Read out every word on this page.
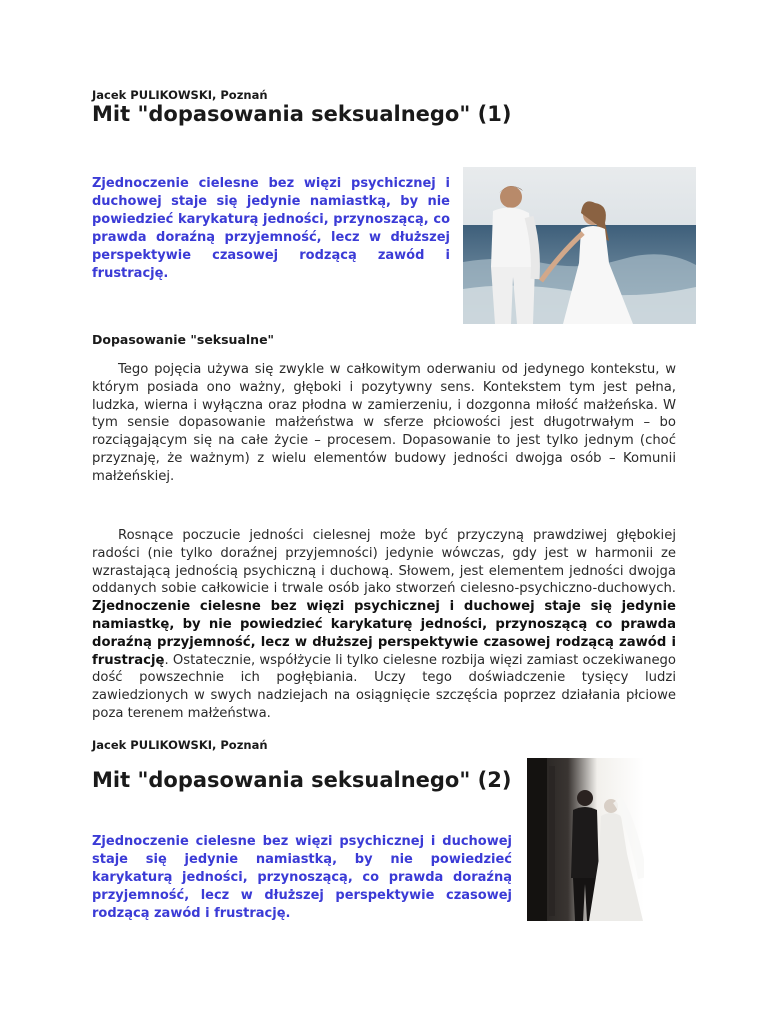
Jacek PULIKOWSKI, Poznań
Mit "dopasowania seksualnego" (1)
Zjednoczenie cielesne bez więzi psychicznej i duchowej staje się jedynie namiastką, by nie powiedzieć karykaturą jedności, przynoszącą, co prawda doraźną przyjemność, lecz w dłuższej perspektywie czasowej rodzącą zawód i frustrację.
Dopasowanie "seksualne"

Tego pojęcia używa się zwykle w całkowitym oderwaniu od jedynego kontekstu, w którym posiada ono ważny, głęboki i pozytywny sens. Kontekstem tym jest pełna, ludzka, wierna i wyłączna oraz płodna w zamierzeniu, i dozgonna miłość małżeńska. W tym sensie dopasowanie małżeństwa w sferze płciowości jest długotrwałym – bo rozciągającym się na całe życie – procesem. Dopasowanie to jest tylko jednym (choć przyznaję, że ważnym) z wielu elementów budowy jedności dwojga osób – Komunii małżeńskiej.

Rosnące poczucie jedności cielesnej może być przyczyną prawdziwej głębokiej radości (nie tylko doraźnej przyjemności) jedynie wówczas, gdy jest w harmonii ze wzrastającą jednością psychiczną i duchową. Słowem, jest elementem jedności dwojga oddanych sobie całkowicie i trwale osób jako stworzeń cielesno-psychiczno-duchowych. Zjednoczenie cielesne bez więzi psychicznej i duchowej staje się jedynie namiastkę, by nie powiedzieć karykaturę jedności, przynoszącą co prawda doraźną przyjemność, lecz w dłuższej perspektywie czasowej rodzącą zawód i frustrację. Ostatecznie, współżycie li tylko cielesne rozbija więzi zamiast oczekiwanego dość powszechnie ich pogłębiania. Uczy tego doświadczenie tysięcy ludzi zawiedzionych w swych nadziejach na osiągnięcie szczęścia poprzez działania płciowe poza terenem małżeństwa.

Jacek PULIKOWSKI, Poznań
Mit "dopasowania seksualnego" (2)
Zjednoczenie cielesne bez więzi psychicznej i duchowej staje się jedynie namiastką, by nie powiedzieć karykaturą jedności, przynoszącą, co prawda doraźną przyjemność, lecz w dłuższej perspektywie czasowej rodzącą zawód i frustrację.
